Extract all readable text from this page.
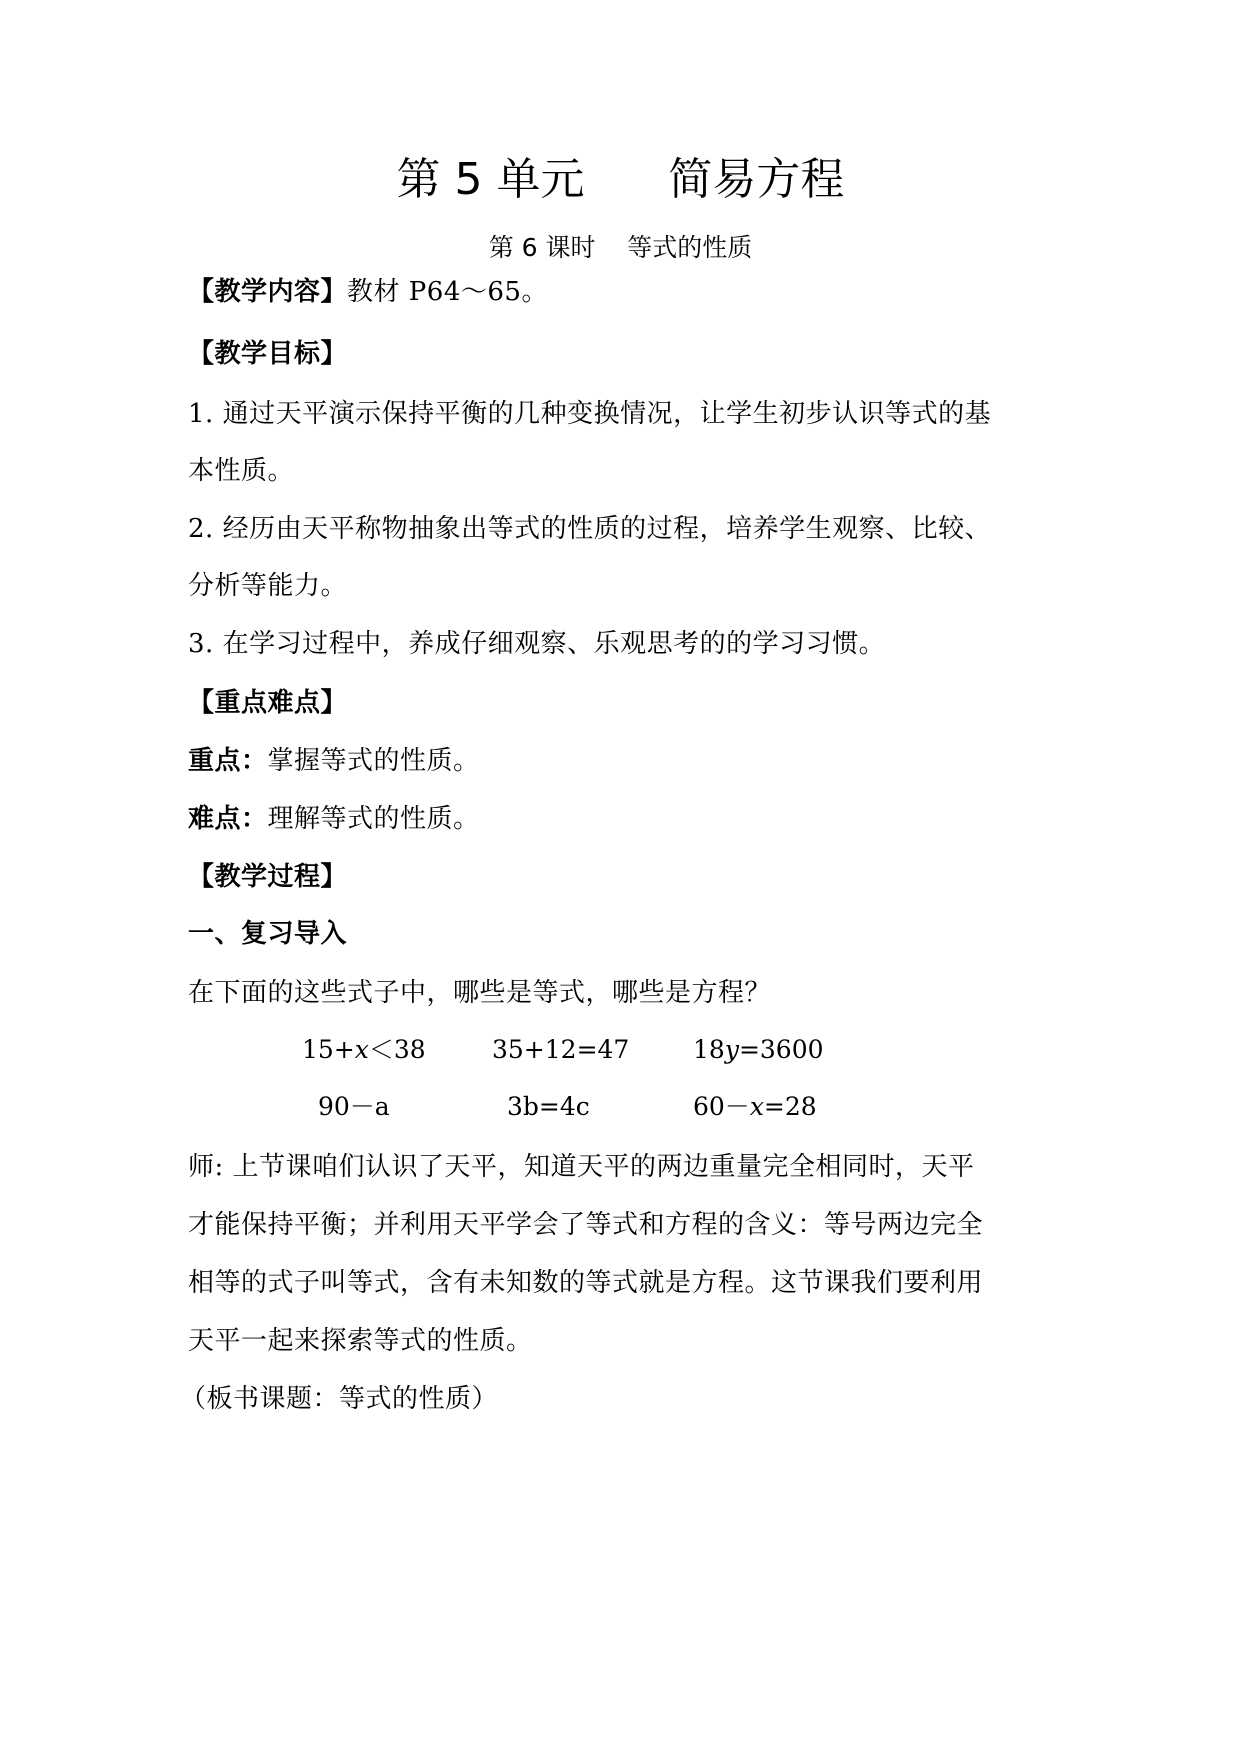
第 5 单元      简易方程
第 6 课时    等式的性质
【教学内容】教材 P64～65。
【教学目标】
1. 通过天平演示保持平衡的几种变换情况，让学生初步认识等式的基
本性质。
2. 经历由天平称物抽象出等式的性质的过程，培养学生观察、比较、
分析等能力。
3. 在学习过程中，养成仔细观察、乐观思考的的学习习惯。
【重点难点】
重点：掌握等式的性质。
难点：理解等式的性质。
【教学过程】
一、复习导入
在下面的这些式子中，哪些是等式，哪些是方程？
15+x＜38	35+12=47	18y=3600
90－a	3b=4c	60－x=28
师: 上节课咱们认识了天平，知道天平的两边重量完全相同时，天平
才能保持平衡；并利用天平学会了等式和方程的含义：等号两边完全
相等的式子叫等式，含有未知数的等式就是方程。这节课我们要利用
天平一起来探索等式的性质。
（板书课题：等式的性质）
